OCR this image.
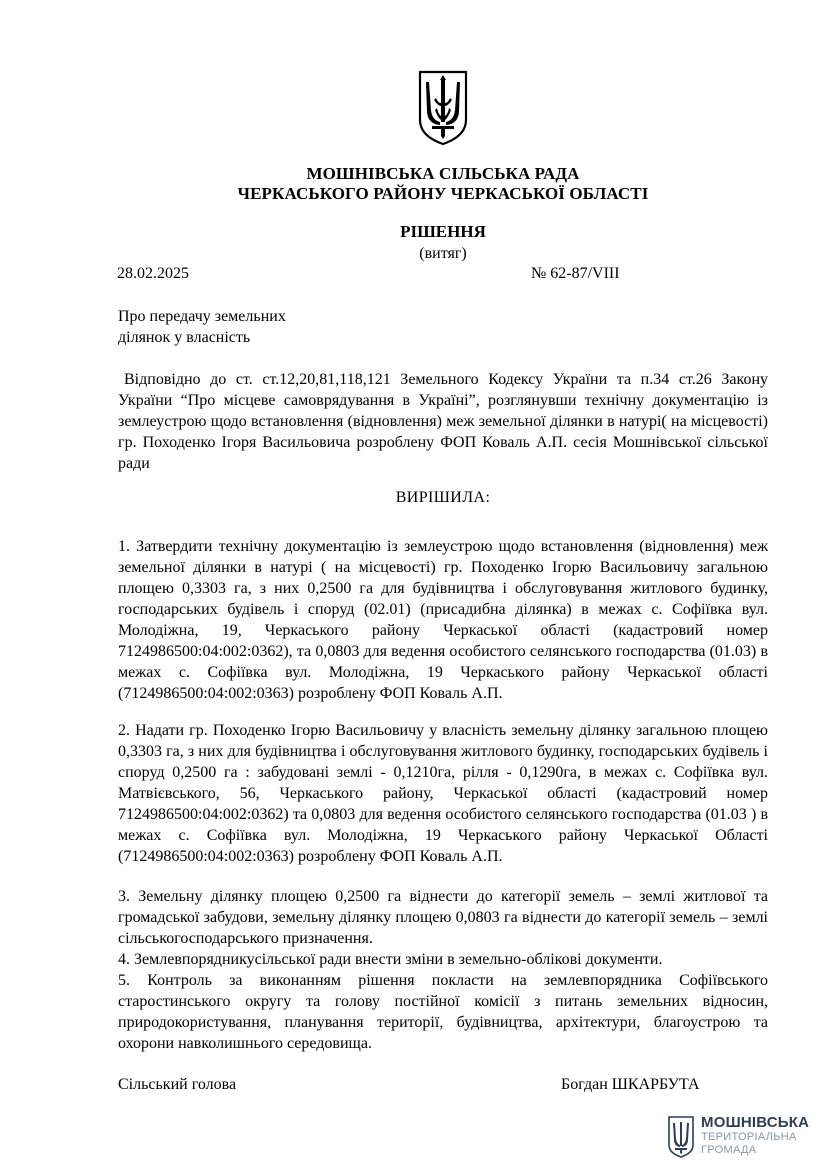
МОШНІВСЬКА СІЛЬСЬКА РАДА
ЧЕРКАСЬКОГО РАЙОНУ ЧЕРКАСЬКОЇ ОБЛАСТІ
РІШЕННЯ
(витяг)
28.02.2025	№ 62-87/VIII
Про передачу земельних
ділянок у власність
Відповідно до ст. ст.12,20,81,118,121 Земельного Кодексу України та п.34 ст.26 Закону України “Про місцеве самоврядування в Україні”, розглянувши технічну документацію із землеустрою щодо встановлення (відновлення) меж земельної ділянки в натурі( на місцевості) гр. Походенко Ігоря Васильовича розроблену ФОП Коваль А.П. сесія Мошнівської сільської ради
ВИРІШИЛА:
1. Затвердити технічну документацію із землеустрою щодо встановлення (відновлення) меж земельної ділянки в натурі ( на місцевості) гр. Походенко Ігорю Васильовичу загальною площею 0,3303 га, з них 0,2500 га для будівництва і обслуговування житлового будинку, господарських будівель і споруд (02.01) (присадибна ділянка) в межах с. Софіївка вул. Молодіжна, 19, Черкаського району Черкаської області (кадастровий номер 7124986500:04:002:0362), та 0,0803 для ведення особистого селянського господарства (01.03) в межах с. Софіївка вул. Молодіжна, 19 Черкаського району Черкаської області (7124986500:04:002:0363) розроблену ФОП Коваль А.П.
2. Надати гр. Походенко Ігорю Васильовичу у власність земельну ділянку загальною площею 0,3303 га, з них для будівництва і обслуговування житлового будинку, господарських будівель і споруд 0,2500 га : забудовані землі - 0,1210га, рілля - 0,1290га, в межах с. Софіївка вул. Матвієвського, 56, Черкаського району, Черкаської області (кадастровий номер 7124986500:04:002:0362) та 0,0803 для ведення особистого селянського господарства (01.03 ) в межах с. Софіївка вул. Молодіжна, 19 Черкаського району Черкаської Області (7124986500:04:002:0363) розроблену ФОП Коваль А.П.
3. Земельну ділянку площею 0,2500 га віднести до категорії земель – землі житлової та громадської забудови, земельну ділянку площею 0,0803 га віднести до категорії земель – землі сільськогосподарського призначення.
4. Землевпорядникусільської ради внести зміни в земельно-облікові документи.
5. Контроль за виконанням рішення покласти на землевпорядника Софіївського старостинського округу та голову постійної комісії з питань земельних відносин, природокористування, планування території, будівництва, архітектури, благоустрою та охорони навколишнього середовища.
Сільський голова	Богдан ШКАРБУТА
МОШНІВСЬКА
ТЕРИТОРІАЛЬНА
ГРОМАДА
